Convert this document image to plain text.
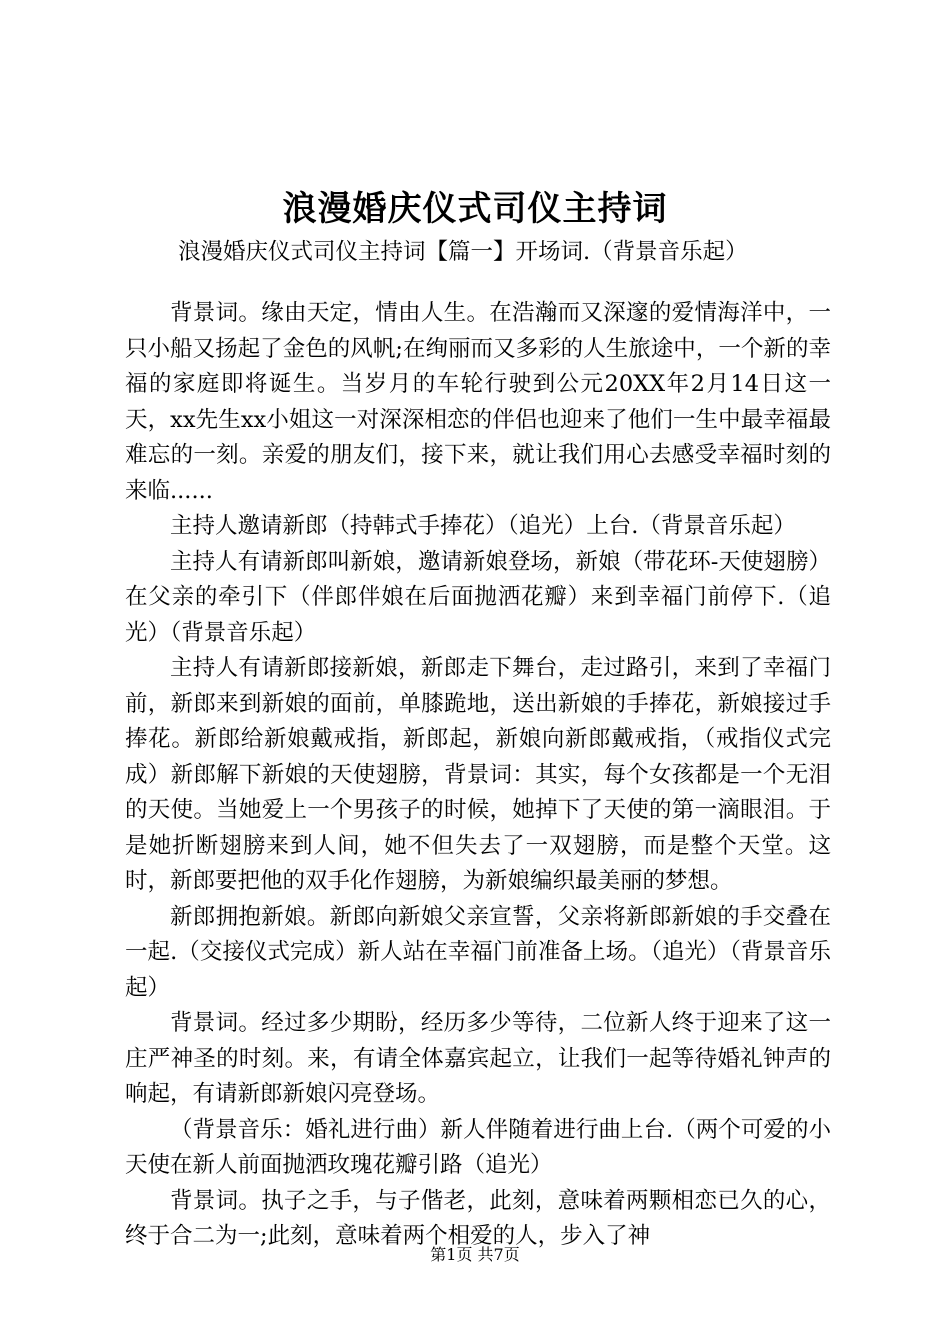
浪漫婚庆仪式司仪主持词

浪漫婚庆仪式司仪主持词【篇一】开场词.（背景音乐起）

背景词。缘由天定，情由人生。在浩瀚而又深邃的爱情海洋中，一只小船又扬起了金色的风帆;在绚丽而又多彩的人生旅途中，一个新的幸福的家庭即将诞生。当岁月的车轮行驶到公元20XX年2月14日这一天，xx先生xx小姐这一对深深相恋的伴侣也迎来了他们一生中最幸福最难忘的一刻。亲爱的朋友们，接下来，就让我们用心去感受幸福时刻的来临......

主持人邀请新郎（持韩式手捧花）（追光）上台.（背景音乐起）

主持人有请新郎叫新娘，邀请新娘登场，新娘（带花环-天使翅膀）在父亲的牵引下（伴郎伴娘在后面抛洒花瓣）来到幸福门前停下.（追光）（背景音乐起）

主持人有请新郎接新娘，新郎走下舞台，走过路引，来到了幸福门前，新郎来到新娘的面前，单膝跪地，送出新娘的手捧花，新娘接过手捧花。新郎给新娘戴戒指，新郎起，新娘向新郎戴戒指，（戒指仪式完成）新郎解下新娘的天使翅膀，背景词：其实，每个女孩都是一个无泪的天使。当她爱上一个男孩子的时候，她掉下了天使的第一滴眼泪。于是她折断翅膀来到人间，她不但失去了一双翅膀，而是整个天堂。这时，新郎要把他的双手化作翅膀，为新娘编织最美丽的梦想。

新郎拥抱新娘。新郎向新娘父亲宣誓，父亲将新郎新娘的手交叠在一起.（交接仪式完成）新人站在幸福门前准备上场。（追光）（背景音乐起）

背景词。经过多少期盼，经历多少等待，二位新人终于迎来了这一庄严神圣的时刻。来，有请全体嘉宾起立，让我们一起等待婚礼钟声的响起，有请新郎新娘闪亮登场。

（背景音乐：婚礼进行曲）新人伴随着进行曲上台.（两个可爱的小天使在新人前面抛洒玫瑰花瓣引路（追光）

背景词。执子之手，与子偕老，此刻，意味着两颗相恋已久的心，终于合二为一;此刻，意味着两个相爱的人，步入了神

第1页 共7页
